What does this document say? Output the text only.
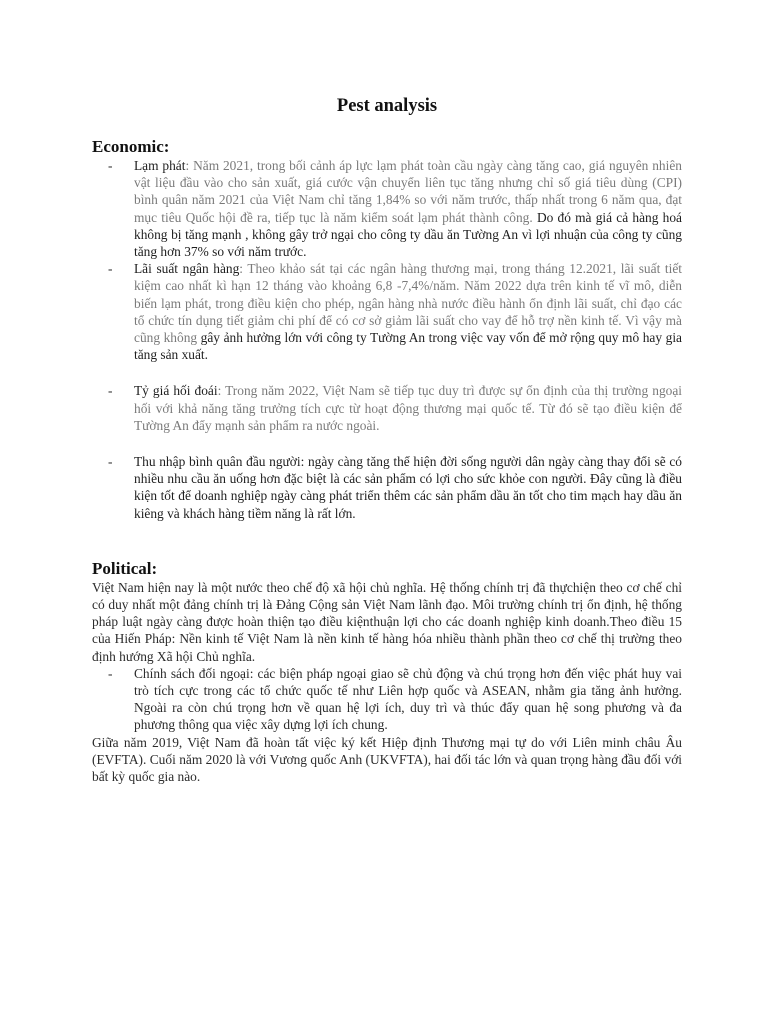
Pest analysis
Economic:
- Lạm phát: Năm 2021, trong bối cảnh áp lực lạm phát toàn cầu ngày càng tăng cao, giá nguyên nhiên vật liệu đầu vào cho sản xuất, giá cước vận chuyển liên tục tăng nhưng chỉ số giá tiêu dùng (CPI) bình quân năm 2021 của Việt Nam chỉ tăng 1,84% so với năm trước, thấp nhất trong 6 năm qua, đạt mục tiêu Quốc hội đề ra, tiếp tục là năm kiểm soát lạm phát thành công. Do đó mà giá cả hàng hoá không bị tăng mạnh , không gây trở ngại cho công ty dầu ăn Tường An vì lợi nhuận của công ty cũng tăng hơn 37% so với năm trước.
- Lãi suất ngân hàng: Theo khảo sát tại các ngân hàng thương mại, trong tháng 12.2021, lãi suất tiết kiệm cao nhất kì hạn 12 tháng vào khoảng 6,8 -7,4%/năm. Năm 2022 dựa trên kinh tế vĩ mô, diễn biến lạm phát, trong điều kiện cho phép, ngân hàng nhà nước điều hành ổn định lãi suất, chỉ đạo các tổ chức tín dụng tiết giảm chi phí để có cơ sở giảm lãi suất cho vay để hỗ trợ nền kinh tế. Vì vậy mà cũng không gây ảnh hưởng lớn với công ty Tường An trong việc vay vốn để mở rộng quy mô hay gia tăng sản xuất.
- Tỷ giá hối đoái: Trong năm 2022, Việt Nam sẽ tiếp tục duy trì được sự ổn định của thị trường ngoại hối với khả năng tăng trưởng tích cực từ hoạt động thương mại quốc tế. Từ đó sẽ tạo điều kiện để Tường An đẩy mạnh sản phẩm ra nước ngoài.
- Thu nhập bình quân đầu người: ngày càng tăng thể hiện đời sống người dân ngày càng thay đổi sẽ có nhiều nhu cầu ăn uống hơn đặc biệt là các sản phẩm có lợi cho sức khỏe con người. Đây cũng là điều kiện tốt để doanh nghiệp ngày càng phát triển thêm các sản phẩm dầu ăn tốt cho tim mạch hay dầu ăn kiêng và khách hàng tiềm năng là rất lớn.
Political:

Việt Nam hiện nay là một nước theo chế độ xã hội chủ nghĩa. Hệ thống chính trị đã thựchiện theo cơ chế chỉ có duy nhất một đảng chính trị là Đảng Cộng sản Việt Nam lãnh đạo. Môi trường chính trị ổn định, hệ thống pháp luật ngày càng được hoàn thiện tạo điều kiệnthuận lợi cho các doanh nghiệp kinh doanh.Theo điều 15 của Hiến Pháp: Nền kinh tế Việt Nam là nền kinh tế hàng hóa nhiều thành phần theo cơ chế thị trường theo định hướng Xã hội Chủ nghĩa.

- Chính sách đối ngoại: các biện pháp ngoại giao sẽ chủ động và chú trọng hơn đến việc phát huy vai trò tích cực trong các tổ chức quốc tế như Liên hợp quốc và ASEAN, nhằm gia tăng ảnh hưởng. Ngoài ra còn chú trọng hơn về quan hệ lợi ích, duy trì và thúc đẩy quan hệ song phương và đa phương thông qua việc xây dựng lợi ích chung.

Giữa năm 2019, Việt Nam đã hoàn tất việc ký kết Hiệp định Thương mại tự do với Liên minh châu Âu (EVFTA). Cuối năm 2020 là với Vương quốc Anh (UKVFTA), hai đối tác lớn và quan trọng hàng đầu đối với bất kỳ quốc gia nào.
